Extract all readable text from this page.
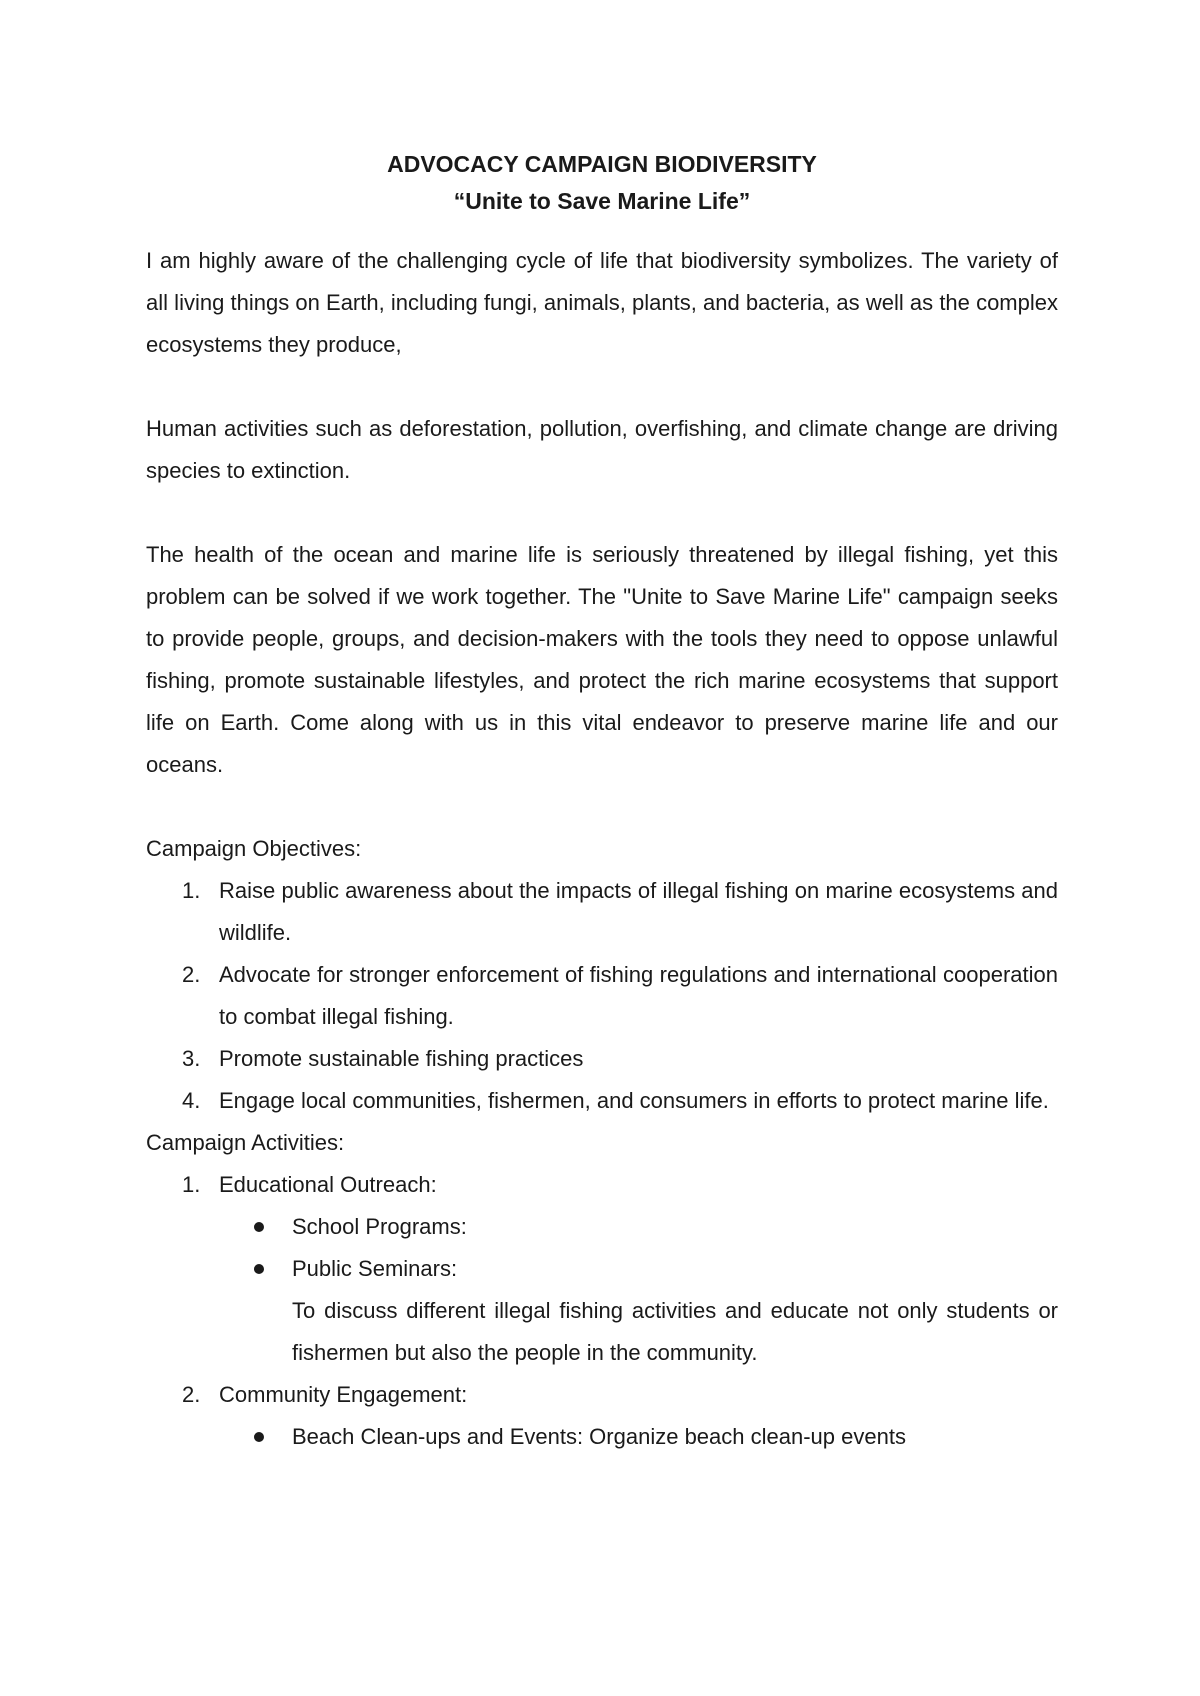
ADVOCACY CAMPAIGN BIODIVERSITY
“Unite to Save Marine Life”

I am highly aware of the challenging cycle of life that biodiversity symbolizes. The variety of all living things on Earth, including fungi, animals, plants, and bacteria, as well as the complex ecosystems they produce,

Human activities such as deforestation, pollution, overfishing, and climate change are driving species to extinction.

The health of the ocean and marine life is seriously threatened by illegal fishing, yet this problem can be solved if we work together. The "Unite to Save Marine Life" campaign seeks to provide people, groups, and decision-makers with the tools they need to oppose unlawful fishing, promote sustainable lifestyles, and protect the rich marine ecosystems that support life on Earth. Come along with us in this vital endeavor to preserve marine life and our oceans.

Campaign Objectives:

1. Raise public awareness about the impacts of illegal fishing on marine ecosystems and wildlife.
2. Advocate for stronger enforcement of fishing regulations and international cooperation to combat illegal fishing.
3. Promote sustainable fishing practices
4. Engage local communities, fishermen, and consumers in efforts to protect marine life.

Campaign Activities:

1. Educational Outreach:
School Programs:
Public Seminars:
To discuss different illegal fishing activities and educate not only students or fishermen but also the people in the community.
2. Community Engagement:
Beach Clean-ups and Events: Organize beach clean-up events
